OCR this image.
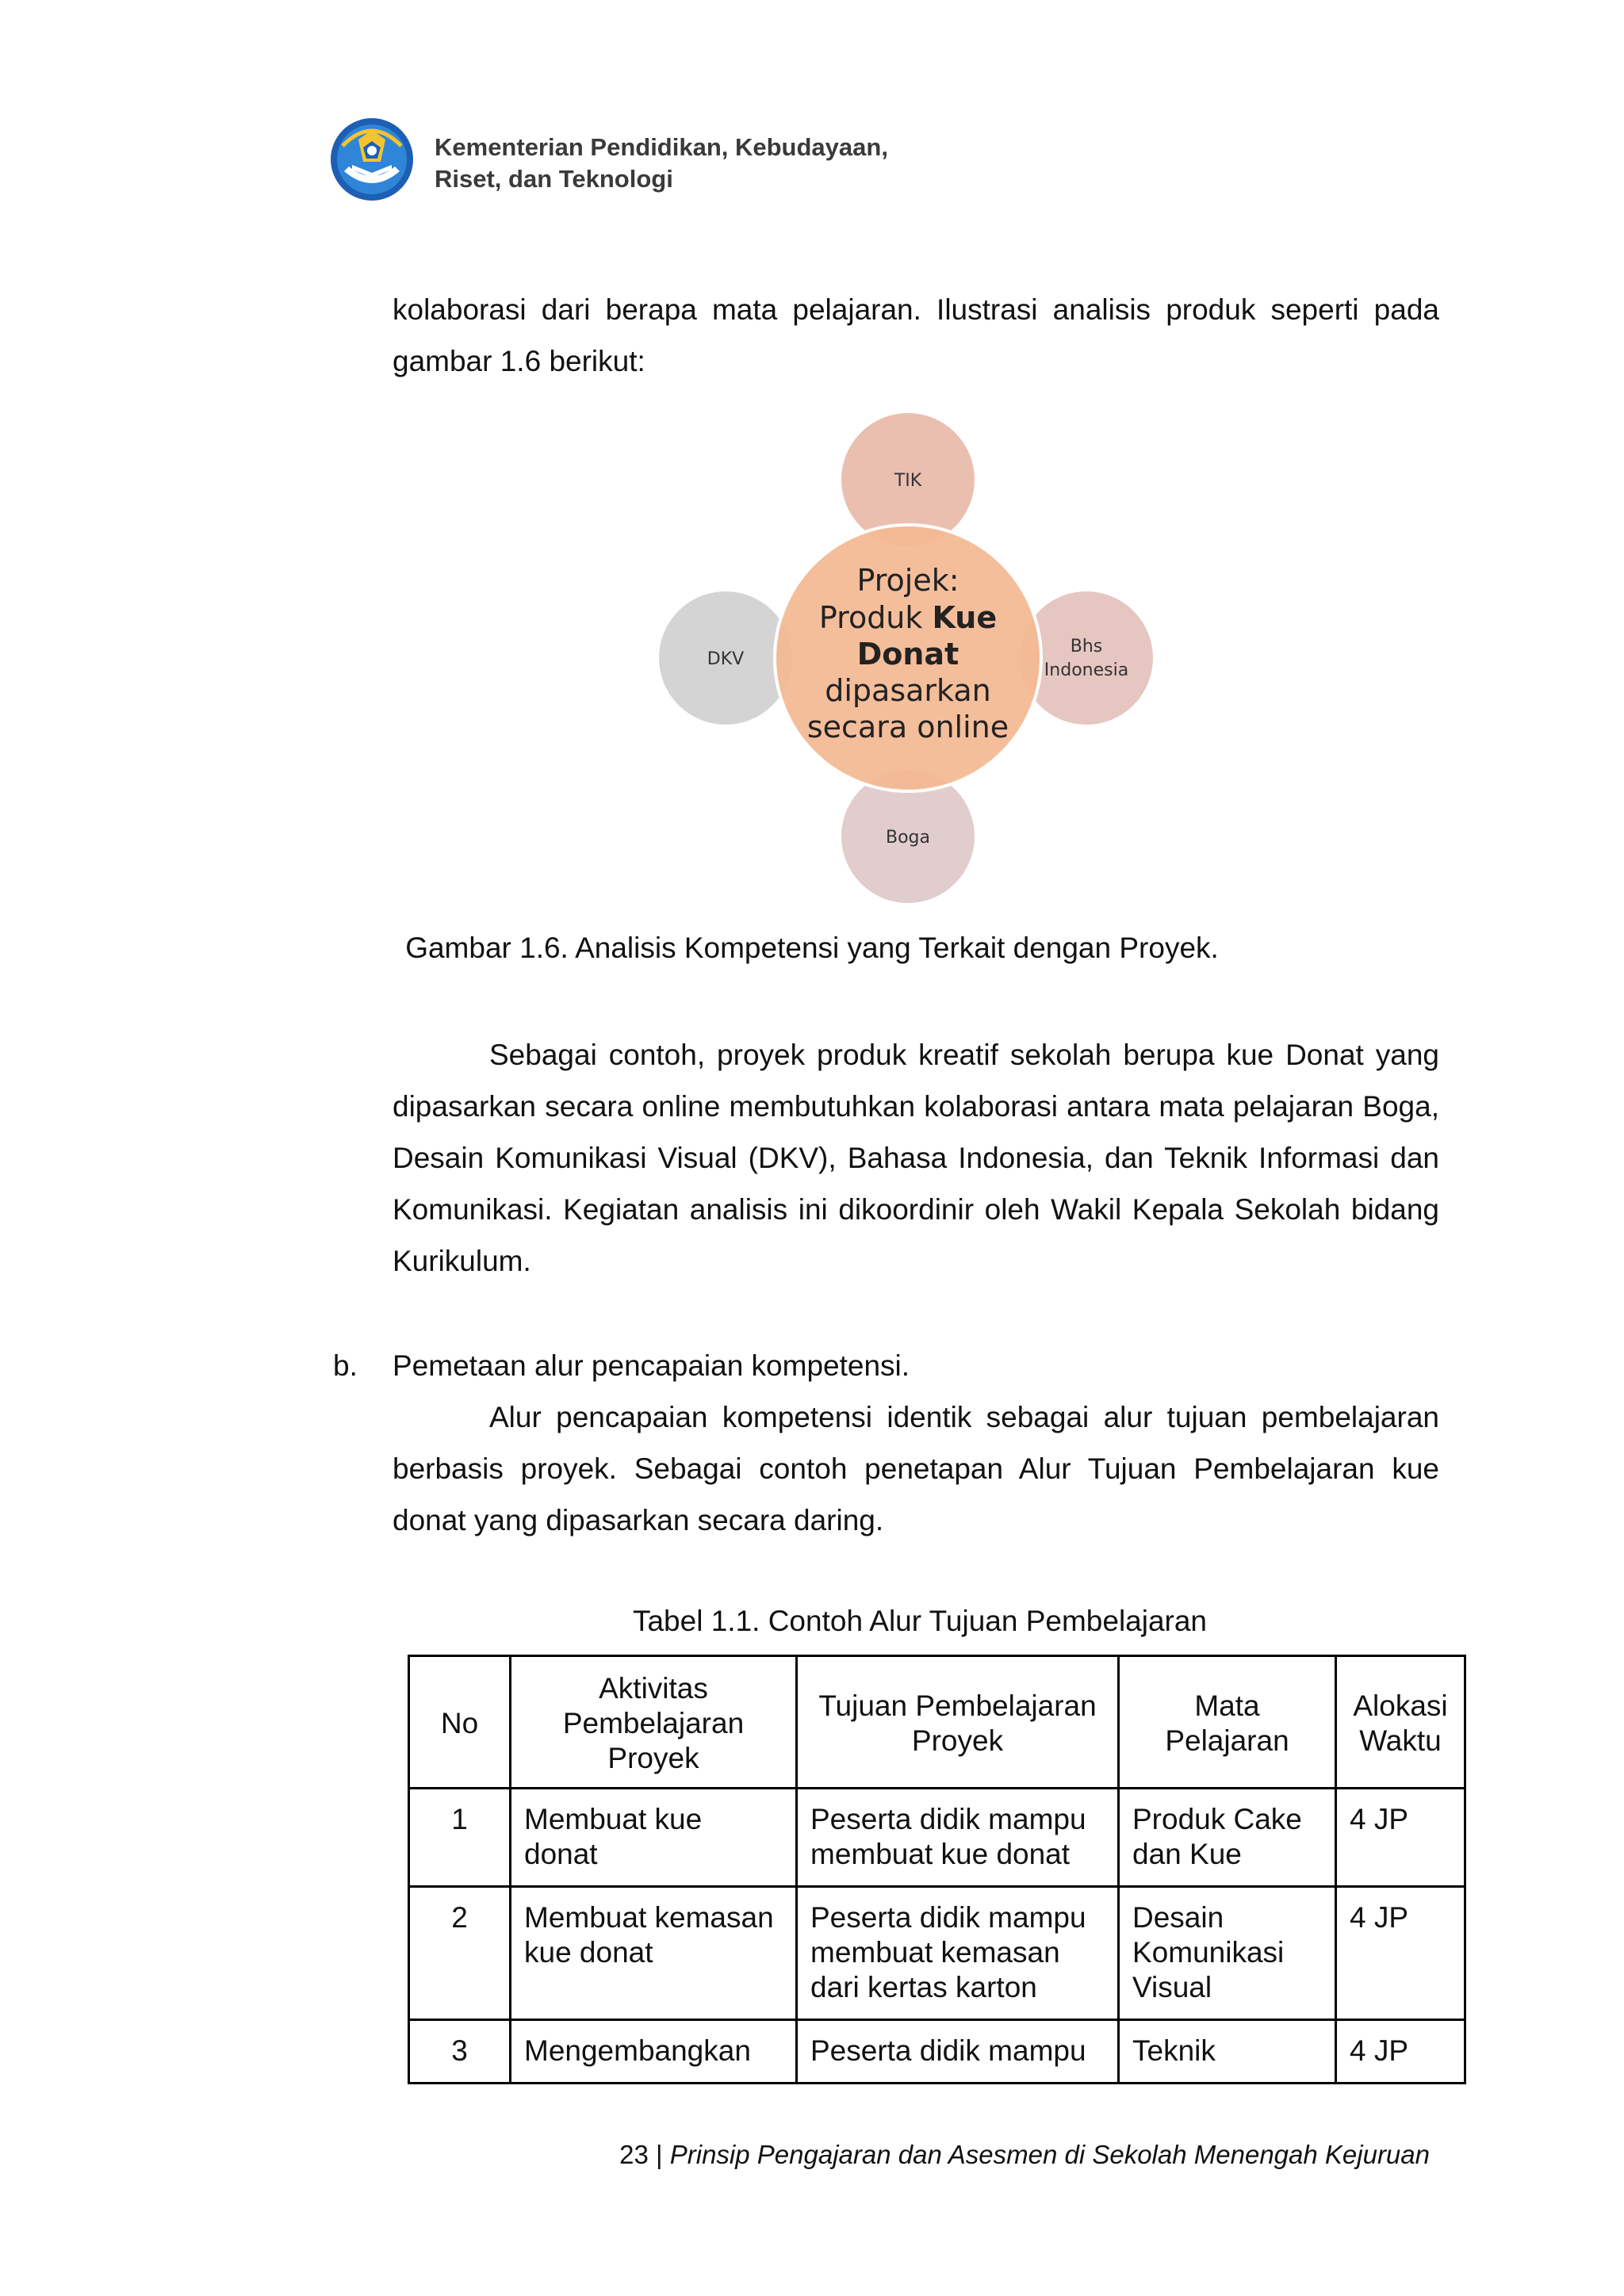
Kementerian Pendidikan, Kebudayaan,
Riset, dan Teknologi

kolaborasi dari berapa mata pelajaran. Ilustrasi analisis produk seperti pada
gambar 1.6 berikut:

TIK
DKV
Bhs
Indonesia
Boga
Projek:
Produk Kue
Donat
dipasarkan
secara online
Gambar 1.6. Analisis Kompetensi yang Terkait dengan Proyek.

Sebagai contoh, proyek produk kreatif sekolah berupa kue Donat yang dipasarkan secara online membutuhkan kolaborasi antara mata pelajaran Boga, Desain Komunikasi Visual (DKV), Bahasa Indonesia, dan Teknik Informasi dan Komunikasi. Kegiatan analisis ini dikoordinir oleh Wakil Kepala Sekolah bidang Kurikulum.

b. Pemetaan alur pencapaian kompetensi.

Alur pencapaian kompetensi identik sebagai alur tujuan pembelajaran berbasis proyek. Sebagai contoh penetapan Alur Tujuan Pembelajaran kue donat yang dipasarkan secara daring.

Tabel 1.1. Contoh Alur Tujuan Pembelajaran
No	Aktivitas Pembelajaran Proyek	Tujuan Pembelajaran Proyek	Mata Pelajaran	Alokasi Waktu
1	Membuat kue donat	Peserta didik mampu membuat kue donat	Produk Cake dan Kue	4 JP
2	Membuat kemasan kue donat	Peserta didik mampu membuat kemasan dari kertas karton	Desain Komunikasi Visual	4 JP
3	Mengembangkan	Peserta didik mampu	Teknik	4 JP
23 | Prinsip Pengajaran dan Asesmen di Sekolah Menengah Kejuruan
